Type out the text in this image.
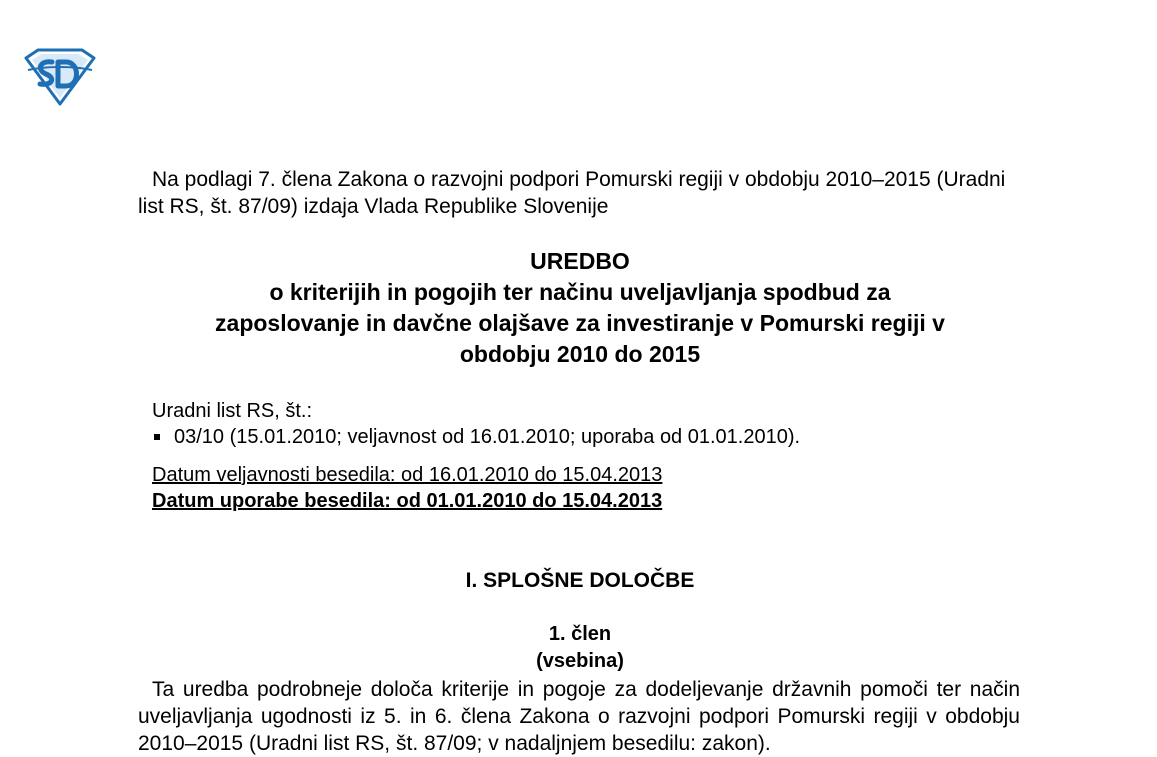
Na podlagi 7. člena Zakona o razvojni podpori Pomurski regiji v obdobju 2010–2015 (Uradni list RS, št. 87/09) izdaja Vlada Republike Slovenije

UREDBO
o kriterijih in pogojih ter načinu uveljavljanja spodbud za
zaposlovanje in davčne olajšave za investiranje v Pomurski regiji v
obdobju 2010 do 2015
Uradni list RS, št.:
03/10 (15.01.2010; veljavnost od 16.01.2010; uporaba od 01.01.2010).
Datum veljavnosti besedila: od 16.01.2010 do 15.04.2013
Datum uporabe besedila: od 01.01.2010 do 15.04.2013
I. SPLOŠNE DOLOČBE
1. člen
(vsebina)

Ta uredba podrobneje določa kriterije in pogoje za dodeljevanje državnih pomoči ter način uveljavljanja ugodnosti iz 5. in 6. člena Zakona o razvojni podpori Pomurski regiji v obdobju 2010–2015 (Uradni list RS, št. 87/09; v nadaljnjem besedilu: zakon).
